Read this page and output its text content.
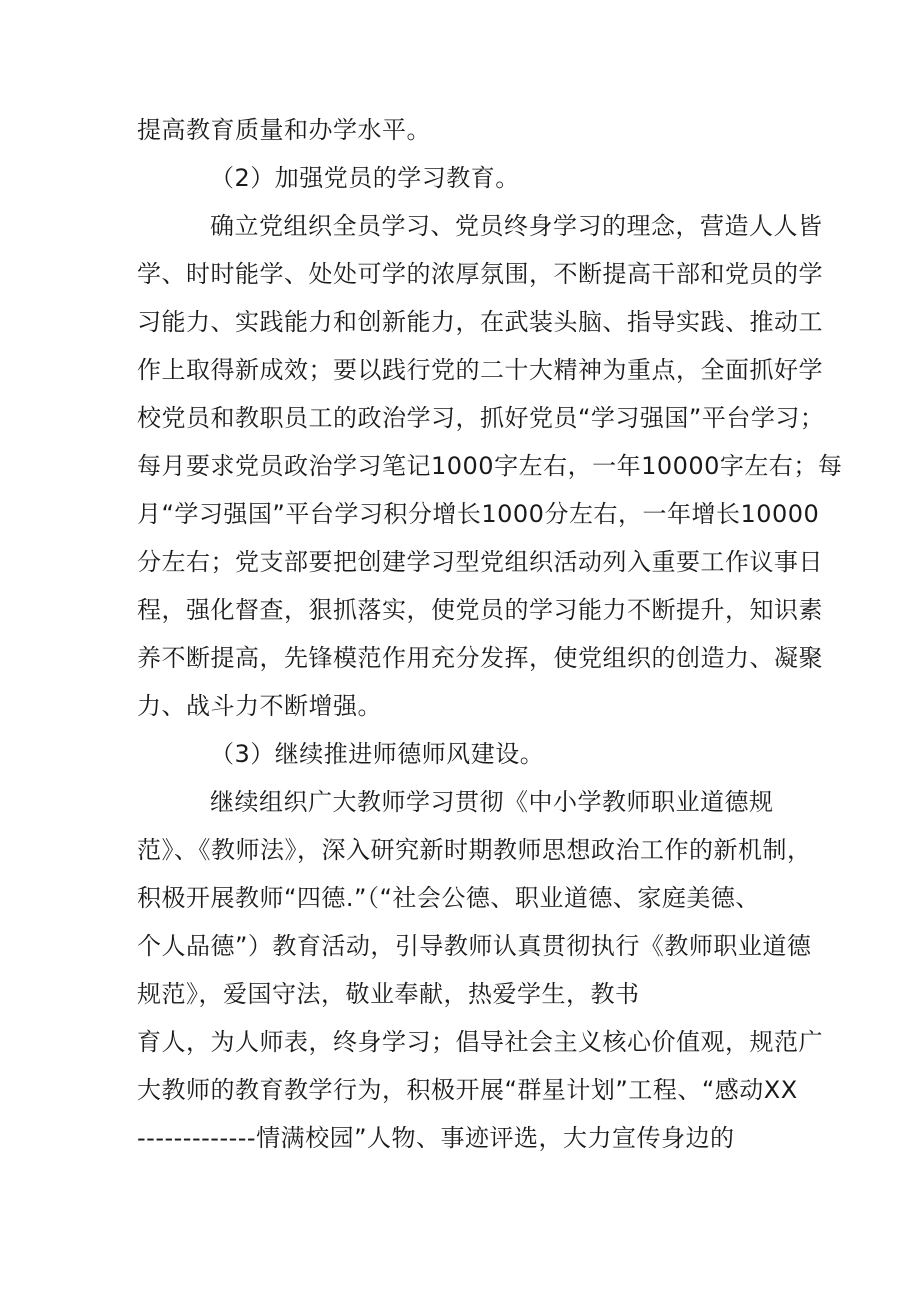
提高教育质量和办学水平。
（2）加强党员的学习教育。
确立党组织全员学习、党员终身学习的理念，营造人人皆
学、时时能学、处处可学的浓厚氛围，不断提高干部和党员的学
习能力、实践能力和创新能力，在武装头脑、指导实践、推动工
作上取得新成效；要以践行党的二十大精神为重点，全面抓好学
校党员和教职员工的政治学习，抓好党员“学习强国”平台学习；
每月要求党员政治学习笔记1000字左右，一年10000字左右；每
月“学习强国”平台学习积分增长1000分左右，一年增长10000
分左右；党支部要把创建学习型党组织活动列入重要工作议事日
程，强化督查，狠抓落实，使党员的学习能力不断提升，知识素
养不断提高，先锋模范作用充分发挥，使党组织的创造力、凝聚
力、战斗力不断增强。
（3）继续推进师德师风建设。
继续组织广大教师学习贯彻《中小学教师职业道德规
范》、《教师法》，深入研究新时期教师思想政治工作的新机制，
积极开展教师“四德.”（“社会公德、职业道德、家庭美德、
个人品德”）教育活动，引导教师认真贯彻执行《教师职业道德
规范》，爱国守法，敬业奉献，热爱学生，教书
育人，为人师表，终身学习；倡导社会主义核心价值观，规范广
大教师的教育教学行为，积极开展“群星计划”工程、“感动XX
-------------情满校园”人物、事迹评选，大力宣传身边的
